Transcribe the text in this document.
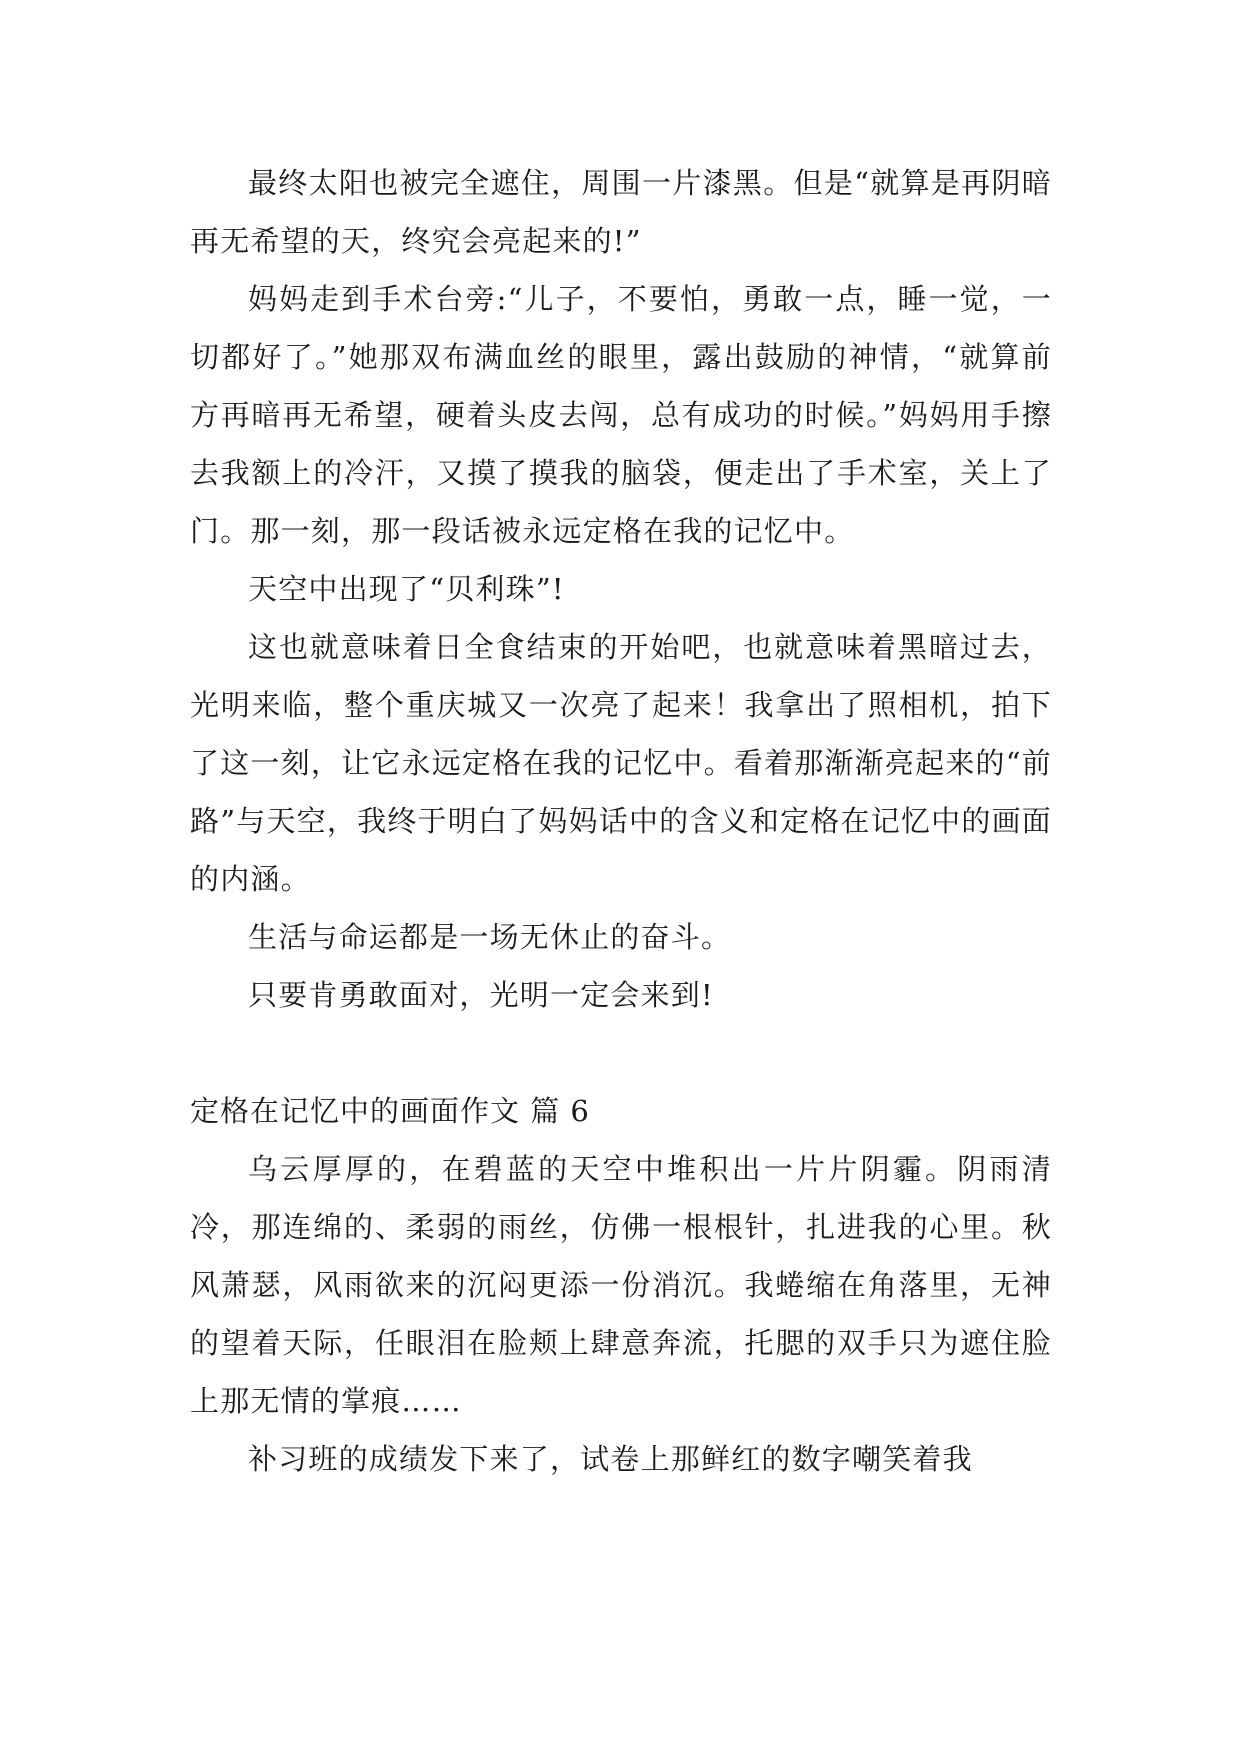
最终太阳也被完全遮住，周围一片漆黑。但是“就算是再阴暗再无希望的天，终究会亮起来的!”

妈妈走到手术台旁:“儿子，不要怕，勇敢一点，睡一觉，一切都好了。”她那双布满血丝的眼里，露出鼓励的神情，“就算前方再暗再无希望，硬着头皮去闯，总有成功的时候。”妈妈用手擦去我额上的冷汗，又摸了摸我的脑袋，便走出了手术室，关上了门。那一刻，那一段话被永远定格在我的记忆中。

天空中出现了“贝利珠”!

这也就意味着日全食结束的开始吧，也就意味着黑暗过去，光明来临，整个重庆城又一次亮了起来！我拿出了照相机，拍下了这一刻，让它永远定格在我的记忆中。看着那渐渐亮起来的“前路”与天空，我终于明白了妈妈话中的含义和定格在记忆中的画面的内涵。

生活与命运都是一场无休止的奋斗。

只要肯勇敢面对，光明一定会来到!

定格在记忆中的画面作文 篇 6

乌云厚厚的，在碧蓝的天空中堆积出一片片阴霾。阴雨清冷，那连绵的、柔弱的雨丝，仿佛一根根针，扎进我的心里。秋风萧瑟，风雨欲来的沉闷更添一份消沉。我蜷缩在角落里，无神的望着天际，任眼泪在脸颊上肆意奔流，托腮的双手只为遮住脸上那无情的掌痕……

补习班的成绩发下来了，试卷上那鲜红的数字嘲笑着我
